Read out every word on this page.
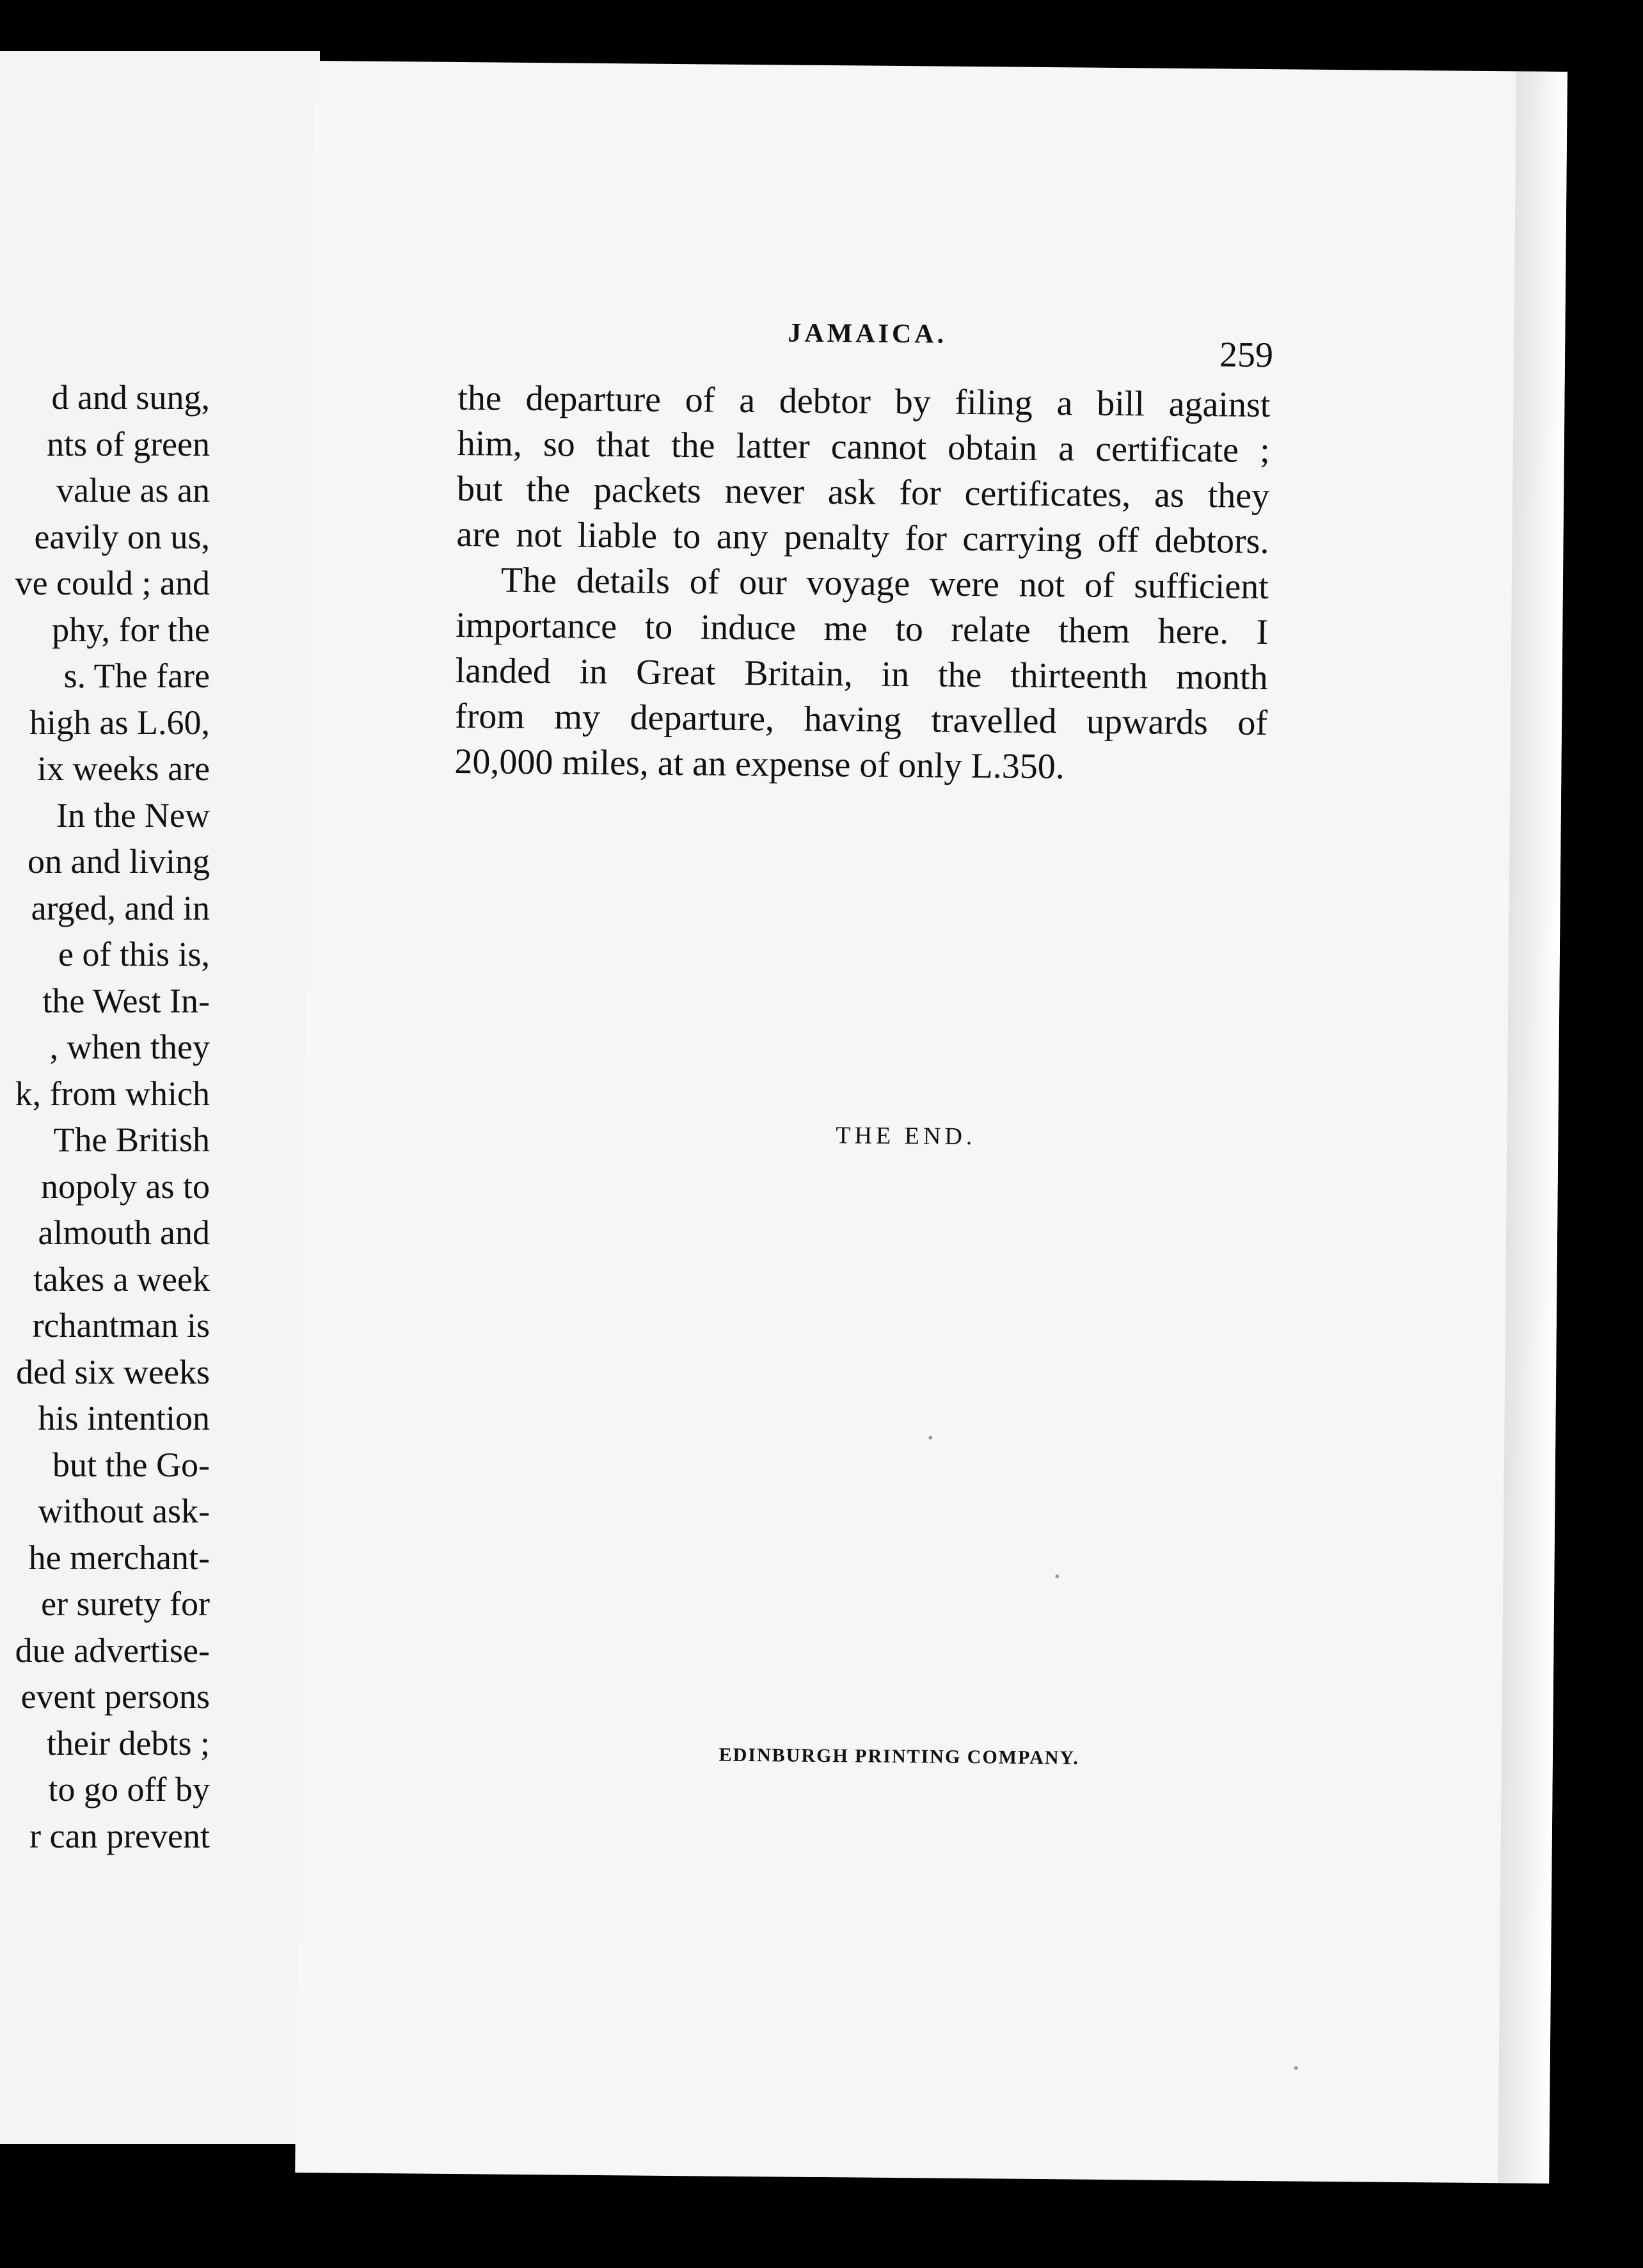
d and sung,
nts of green
value as an
eavily on us,
ve could ; and
phy, for the
s. The fare
high as L.60,
ix weeks are
In the New
on and living
arged, and in
e of this is,
the West In-
, when they
k, from which
The British
nopoly as to
almouth and
takes a week
rchantman is
ded six weeks
his intention
but the Go-
without ask-
he merchant-
er surety for
due advertise-
event persons
their debts ;
to go off by
r can prevent
JAMAICA.
259
the departure of a debtor by filing a bill against
him, so that the latter cannot obtain a certificate ;
but the packets never ask for certificates, as they
are not liable to any penalty for carrying off debtors.
The details of our voyage were not of sufficient
importance to induce me to relate them here. I
landed in Great Britain, in the thirteenth month
from my departure, having travelled upwards of
20,000 miles, at an expense of only L.350.
THE END.
EDINBURGH PRINTING COMPANY.
